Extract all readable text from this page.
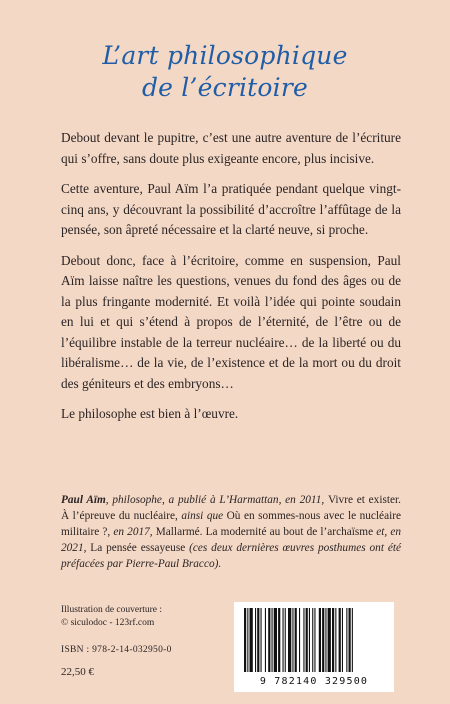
L’art philosophique
de l’écritoire

Debout devant le pupitre, c’est une autre aventure de l’écriture qui s’offre, sans doute plus exigeante encore, plus incisive.

Cette aventure, Paul Aïm l’a pratiquée pendant quelque vingt-cinq ans, y découvrant la possibilité d’accroître l’affûtage de la pensée, son âpreté nécessaire et la clarté neuve, si proche.

Debout donc, face à l’écritoire, comme en suspension, Paul Aïm laisse naître les questions, venues du fond des âges ou de la plus fringante modernité. Et voilà l’idée qui pointe soudain en lui et qui s’étend à propos de l’éternité, de l’être ou de l’équilibre instable de la terreur nucléaire… de la liberté ou du libéralisme… de la vie, de l’existence et de la mort ou du droit des géniteurs et des embryons…

Le philosophe est bien à l’œuvre.

Paul Aïm, philosophe, a publié à L’Harmattan, en 2011, Vivre et exister. À l’épreuve du nucléaire, ainsi que Où en sommes-nous avec le nucléaire militaire ?, en 2017, Mallarmé. La modernité au bout de l’archaïsme et, en 2021, La pensée essayeuse (ces deux dernières œuvres posthumes ont été préfacées par Pierre-Paul Bracco).

Illustration de couverture :
© siculodoc - 123rf.com
ISBN : 978-2-14-032950-0
22,50 €
9 782140 329500
